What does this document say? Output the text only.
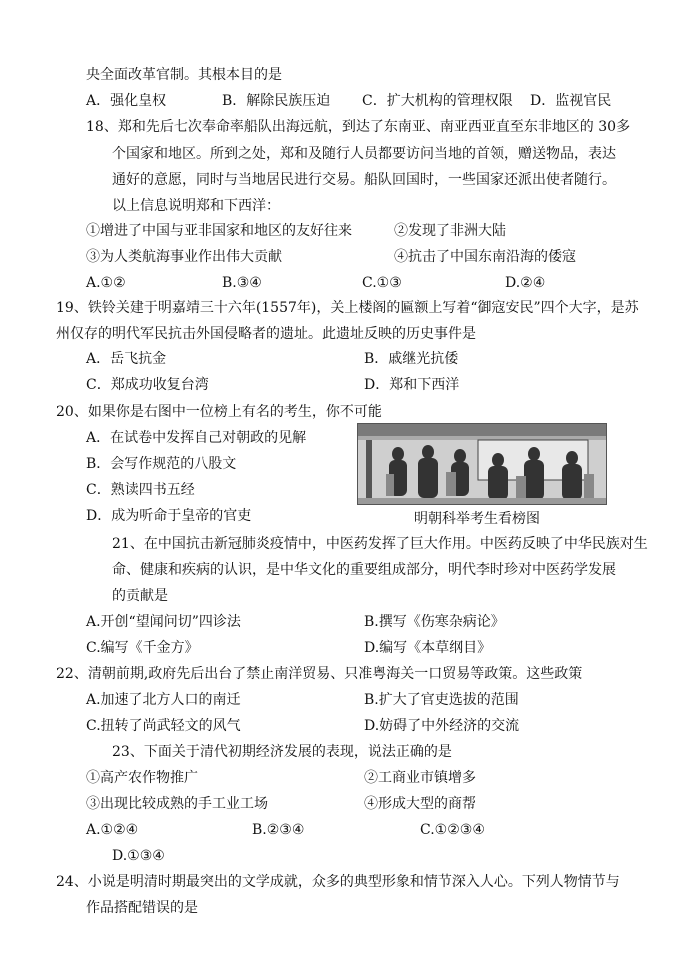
央全面改革官制。其根本目的是
A．强化皇权	B．解除民族压迫 C．扩大机构的管理权限 D．监视官民
18、郑和先后七次奉命率船队出海远航，到达了东南亚、南亚西亚直至东非地区的 30多
个国家和地区。所到之处，郑和及随行人员都要访问当地的首领，赠送物品，表达
通好的意愿，同时与当地居民进行交易。船队回国时，一些国家还派出使者随行。
以上信息说明郑和下西洋：
①增进了中国与亚非国家和地区的友好往来	②发现了非洲大陆
③为人类航海事业作出伟大贡献	④抗击了中国东南沿海的倭寇
A.①②	B.③④	C.①③	D.②④
19、铁铃关建于明嘉靖三十六年(1557年)，关上楼阁的匾额上写着“御寇安民”四个大字，是苏
州仅存的明代军民抗击外国侵略者的遗址。此遗址反映的历史事件是
A．岳飞抗金	B．戚继光抗倭
C．郑成功收复台湾	D．郑和下西洋
20、如果你是右图中一位榜上有名的考生，你不可能
A．在试卷中发挥自己对朝政的见解
B．会写作规范的八股文
C．熟读四书五经
D．成为听命于皇帝的官吏	明朝科举考生看榜图
21、在中国抗击新冠肺炎疫情中，中医药发挥了巨大作用。中医药反映了中华民族对生
命、健康和疾病的认识，是中华文化的重要组成部分，明代李时珍对中医药学发展
的贡献是
A.开创“望闻问切”四诊法	B.撰写《伤寒杂病论》
C.编写《千金方》	D.编写《本草纲目》
22、清朝前期,政府先后出台了禁止南洋贸易、只准粤海关一口贸易等政策。这些政策
A.加速了北方人口的南迁	B.扩大了官吏选拔的范围
C.扭转了尚武轻文的风气	D.妨碍了中外经济的交流
23、下面关于清代初期经济发展的表现，说法正确的是
①高产农作物推广	②工商业市镇增多
③出现比较成熟的手工业工场	④形成大型的商帮
A.①②④	B.②③④	C.①②③④
D.①③④
24、小说是明清时期最突出的文学成就，众多的典型形象和情节深入人心。下列人物情节与
作品搭配错误的是
